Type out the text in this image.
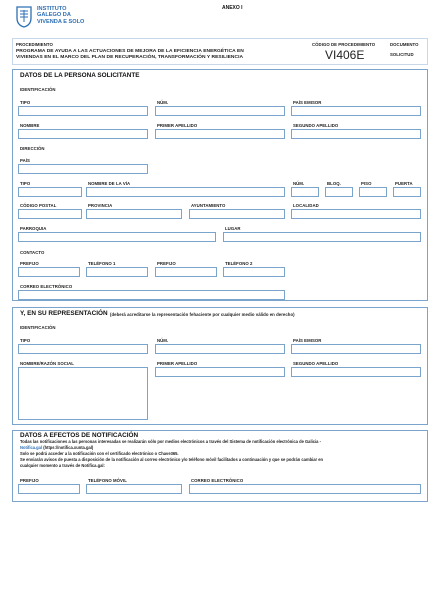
INSTITUTO
GALEGO DA
VIVENDA E SOLO
ANEXO I
PROCEDIMIENTO
PROGRAMA DE AYUDA A LAS ACTUACIONES DE MEJORA DE LA EFICIENCIA ENERGÉTICA EN
VIVIENDAS EN EL MARCO DEL PLAN DE RECUPERACIÓN, TRANSFORMACIÓN Y RESILIENCIA
CÓDIGO DE PROCEDIMIENTO
VI406E
DOCUMENTO
SOLICITUD
DATOS DE LA PERSONA SOLICITANTE
IDENTIFICACIÓN
TIPO	NÚM.	PAÍS EMISOR
NOMBRE	PRIMER APELLIDO	SEGUNDO APELLIDO
DIRECCIÓN
PAÍS
TIPO	NOMBRE DE LA VÍA	NÚM.	BLOQ.	PISO	PUERTA
CÓDIGO POSTAL	PROVINCIA	AYUNTAMIENTO	LOCALIDAD
PARROQUIA	LUGAR
CONTACTO
PREFIJO	TELÉFONO 1	PREFIJO	TELÉFONO 2
CORREO ELECTRÓNICO
Y, EN SU REPRESENTACIÓN (deberá acreditarse la representación fehaciente por cualquier medio válido en derecho)
IDENTIFICACIÓN
TIPO	NÚM.	PAÍS EMISOR
NOMBRE/RAZÓN SOCIAL	PRIMER APELLIDO	SEGUNDO APELLIDO
DATOS A EFECTOS DE NOTIFICACIÓN
Todas las notificaciones a las personas interesadas se realizarán sólo por medios electrónicos a través del Sistema de notificación electrónica de Galicia -
Notifica.gal (https://notifica.xunta.gal)
Solo se podrá acceder a la notificación con el certificado electrónico o Chave365.
Se enviarán avisos de puesta a disposición de la notificación al correo electrónico y/o teléfono móvil facilitados a continuación y que se podrán cambiar en
cualquier momento a través de Notifica.gal:
PREFIJO	TELÉFONO MÓVIL	CORREO ELECTRÓNICO
